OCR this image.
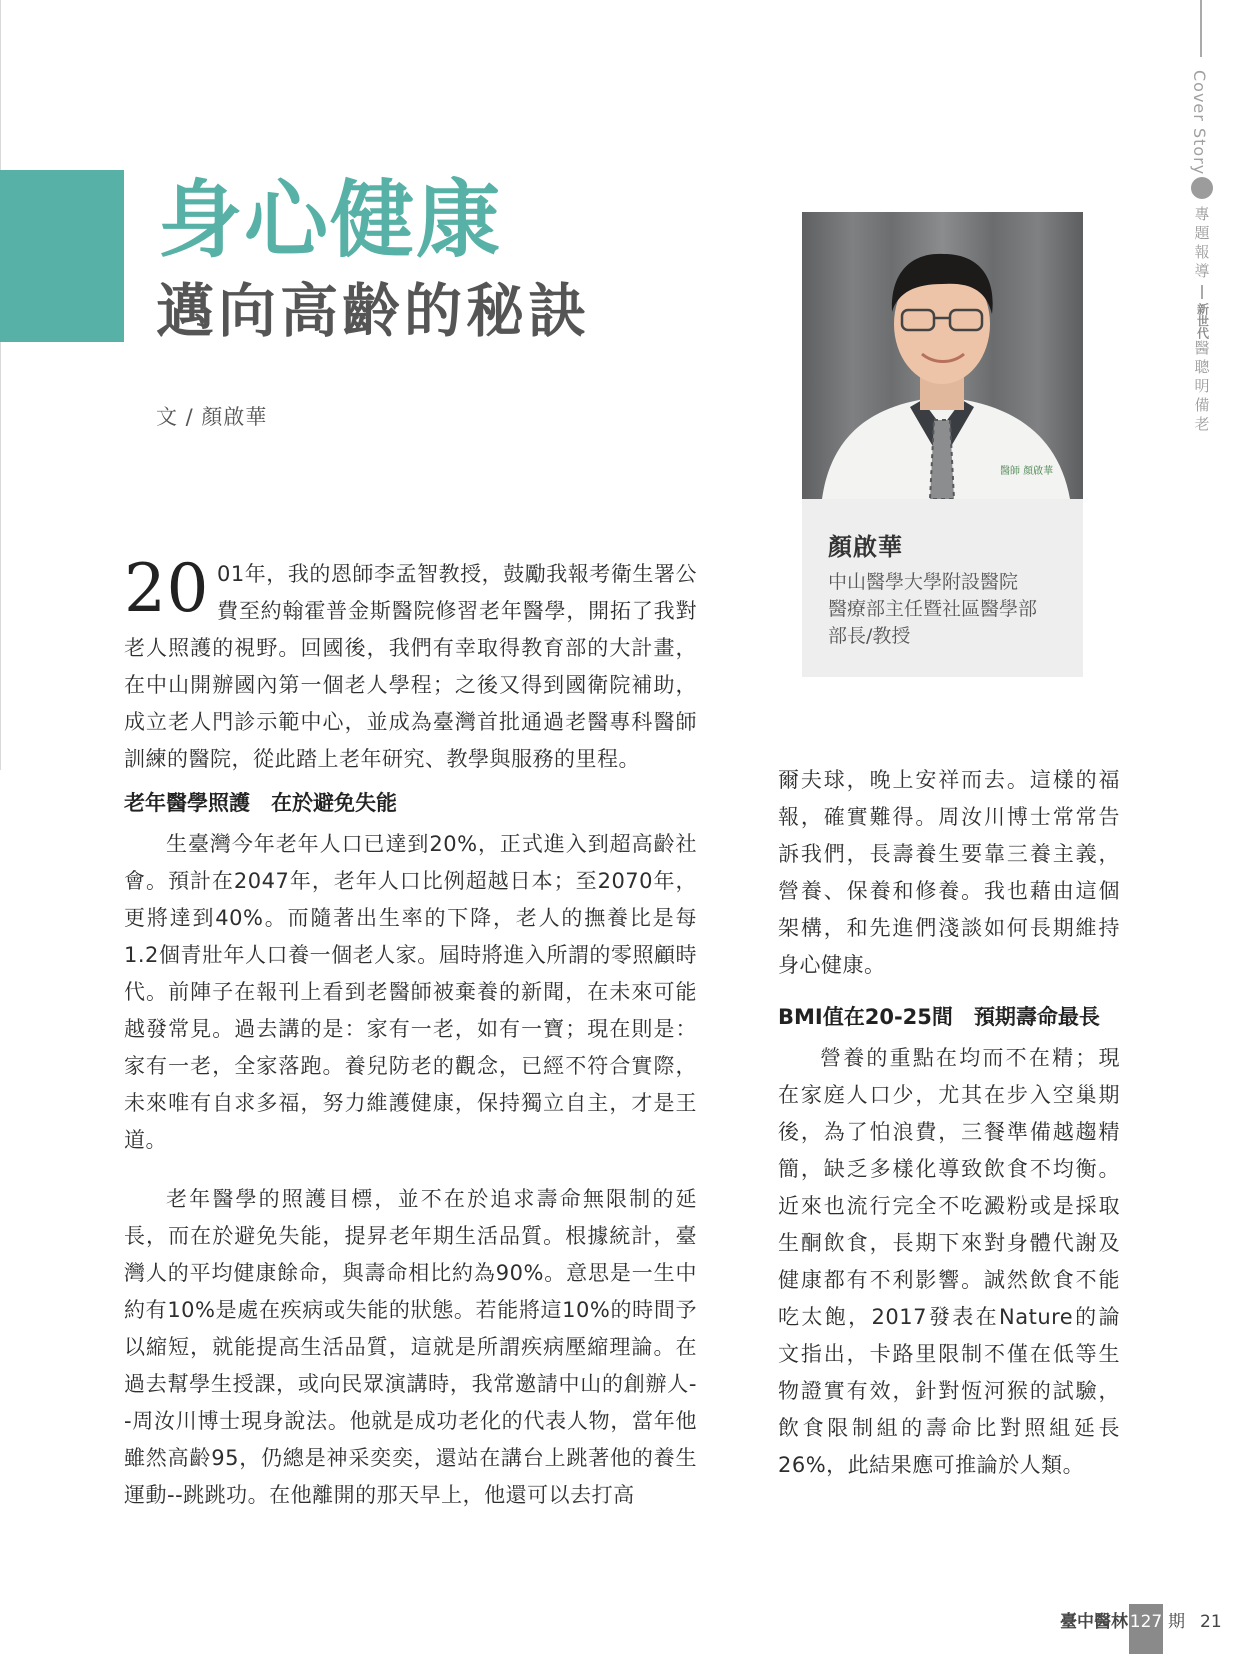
身心健康
邁向高齡的秘訣
文 / 顏啟華
醫師 顏啟華
顏啟華
中山醫學大學附設醫院
醫療部主任暨社區醫學部
部長/教授

20 01年，我的恩師李孟智教授，鼓勵我報考衛生署公費至約翰霍普金斯醫院修習老年醫學，開拓了我對老人照護的視野。回國後，我們有幸取得教育部的大計畫，在中山開辦國內第一個老人學程；之後又得到國衛院補助，成立老人門診示範中心，並成為臺灣首批通過老醫專科醫師訓練的醫院，從此踏上老年研究、教學與服務的里程。

老年醫學照護　在於避免失能

生臺灣今年老年人口已達到20%，正式進入到超高齡社會。預計在2047年，老年人口比例超越日本；至2070年，更將達到40%。而隨著出生率的下降，老人的撫養比是每1.2個青壯年人口養一個老人家。屆時將進入所謂的零照顧時代。前陣子在報刊上看到老醫師被棄養的新聞，在未來可能越發常見。過去講的是：家有一老，如有一寶；現在則是：家有一老，全家落跑。養兒防老的觀念，已經不符合實際，未來唯有自求多福，努力維護健康，保持獨立自主，才是王道。

老年醫學的照護目標，並不在於追求壽命無限制的延長，而在於避免失能，提昇老年期生活品質。根據統計，臺灣人的平均健康餘命，與壽命相比約為90%。意思是一生中約有10%是處在疾病或失能的狀態。若能將這10%的時間予以縮短，就能提高生活品質，這就是所謂疾病壓縮理論。在過去幫學生授課，或向民眾演講時，我常邀請中山的創辦人--周汝川博士現身說法。他就是成功老化的代表人物，當年他雖然高齡95，仍總是神采奕奕，還站在講台上跳著他的養生運動--跳跳功。在他離開的那天早上，他還可以去打高

爾夫球，晚上安祥而去。這樣的福報，確實難得。周汝川博士常常告訴我們，長壽養生要靠三養主義，營養、保養和修養。我也藉由這個架構，和先進們淺談如何長期維持身心健康。

BMI值在20-25間　預期壽命最長

營養的重點在均而不在精；現在家庭人口少，尤其在步入空巢期後，為了怕浪費，三餐準備越趨精簡，缺乏多樣化導致飲食不均衡。近來也流行完全不吃澱粉或是採取生酮飲食，長期下來對身體代謝及健康都有不利影響。誠然飲食不能吃太飽，2017發表在Nature的論文指出，卡路里限制不僅在低等生物證實有效，針對恆河猴的試驗，飲食限制組的壽命比對照組延長26%，此結果應可推論於人類。

Cover Story
專
題
報
導
新世代
醫
聰
明
備
老
臺中醫林 127 期 21
